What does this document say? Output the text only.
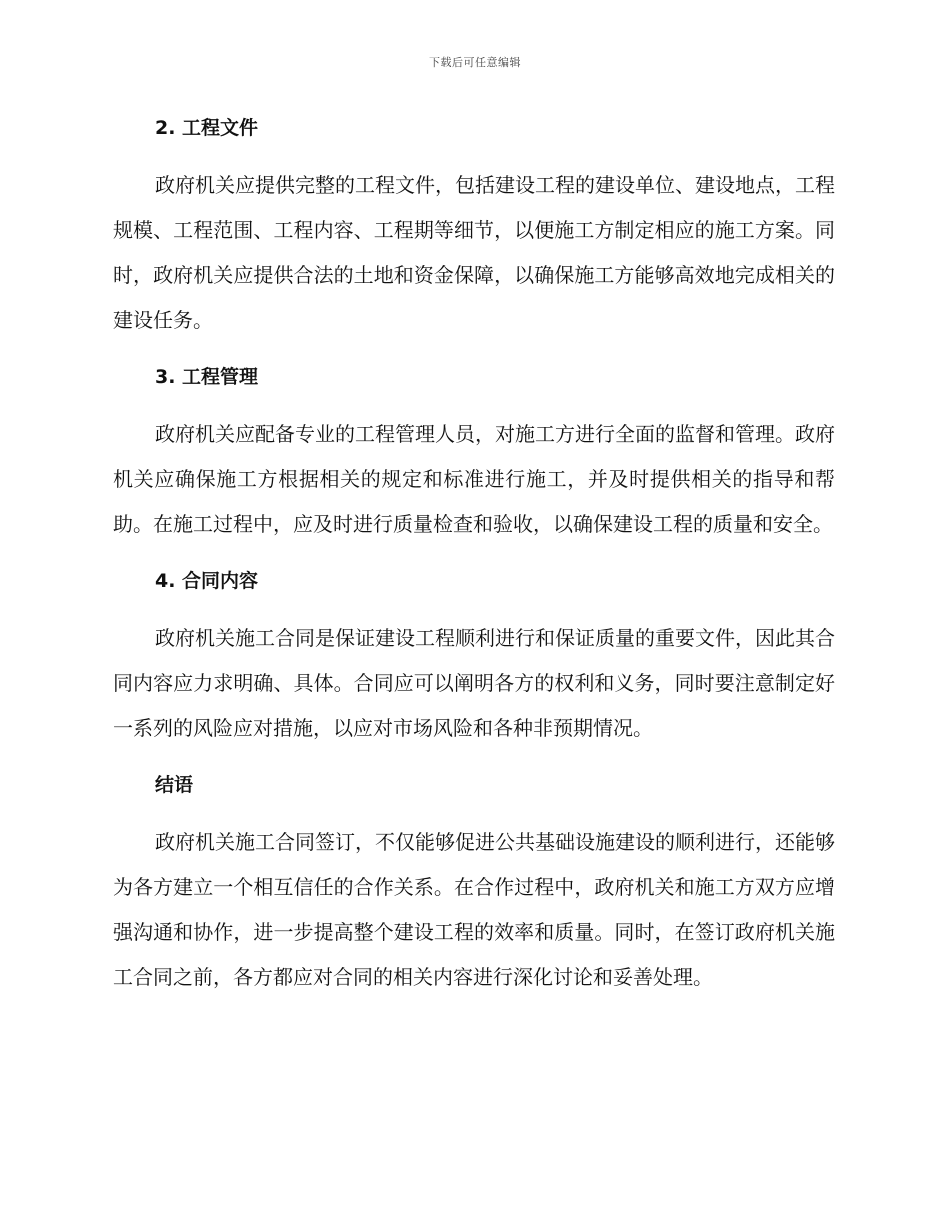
下载后可任意编辑
2. 工程文件

政府机关应提供完整的工程文件，包括建设工程的建设单位、建设地点，工程规模、工程范围、工程内容、工程期等细节，以便施工方制定相应的施工方案。同时，政府机关应提供合法的土地和资金保障，以确保施工方能够高效地完成相关的建设任务。

3. 工程管理

政府机关应配备专业的工程管理人员，对施工方进行全面的监督和管理。政府机关应确保施工方根据相关的规定和标准进行施工，并及时提供相关的指导和帮助。在施工过程中，应及时进行质量检查和验收，以确保建设工程的质量和安全。

4. 合同内容

政府机关施工合同是保证建设工程顺利进行和保证质量的重要文件，因此其合同内容应力求明确、具体。合同应可以阐明各方的权利和义务，同时要注意制定好一系列的风险应对措施，以应对市场风险和各种非预期情况。

结语

政府机关施工合同签订，不仅能够促进公共基础设施建设的顺利进行，还能够为各方建立一个相互信任的合作关系。在合作过程中，政府机关和施工方双方应增强沟通和协作，进一步提高整个建设工程的效率和质量。同时，在签订政府机关施工合同之前，各方都应对合同的相关内容进行深化讨论和妥善处理。
